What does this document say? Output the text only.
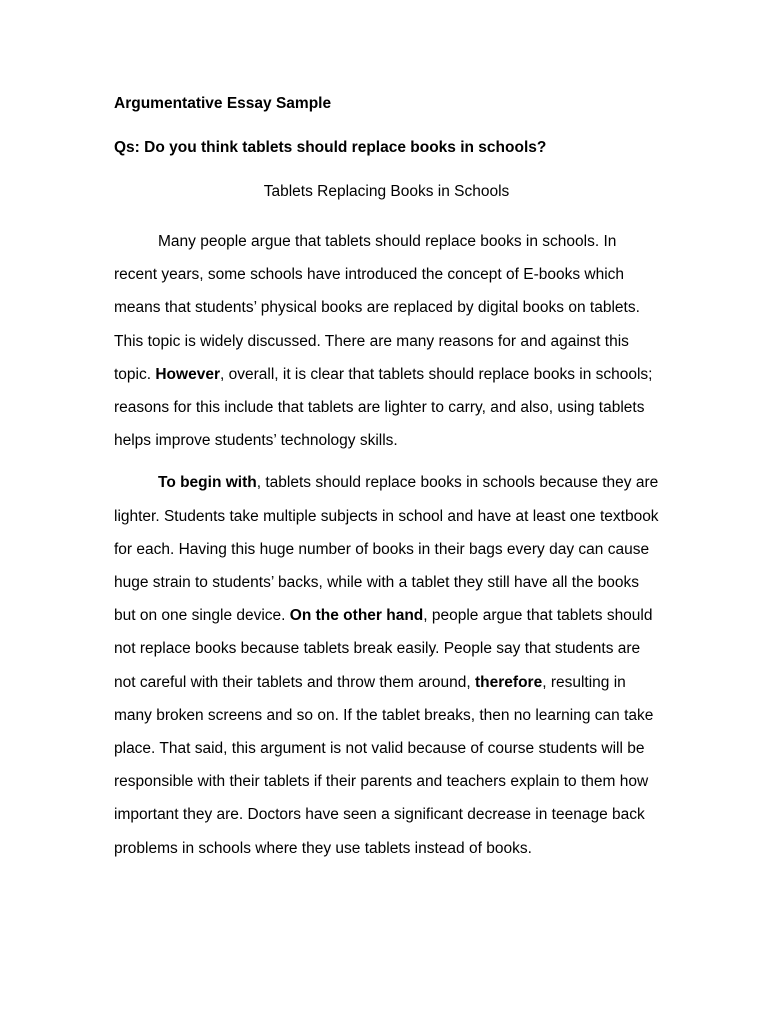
Argumentative Essay Sample

Qs: Do you think tablets should replace books in schools?

Tablets Replacing Books in Schools

Many people argue that tablets should replace books in schools. In recent years, some schools have introduced the concept of E-books which means that students’ physical books are replaced by digital books on tablets. This topic is widely discussed. There are many reasons for and against this topic. However, overall, it is clear that tablets should replace books in schools; reasons for this include that tablets are lighter to carry, and also, using tablets helps improve students’ technology skills.

To begin with, tablets should replace books in schools because they are lighter. Students take multiple subjects in school and have at least one textbook for each. Having this huge number of books in their bags every day can cause huge strain to students’ backs, while with a tablet they still have all the books but on one single device. On the other hand, people argue that tablets should not replace books because tablets break easily. People say that students are not careful with their tablets and throw them around, therefore, resulting in many broken screens and so on. If the tablet breaks, then no learning can take place. That said, this argument is not valid because of course students will be responsible with their tablets if their parents and teachers explain to them how important they are. Doctors have seen a significant decrease in teenage back problems in schools where they use tablets instead of books.
